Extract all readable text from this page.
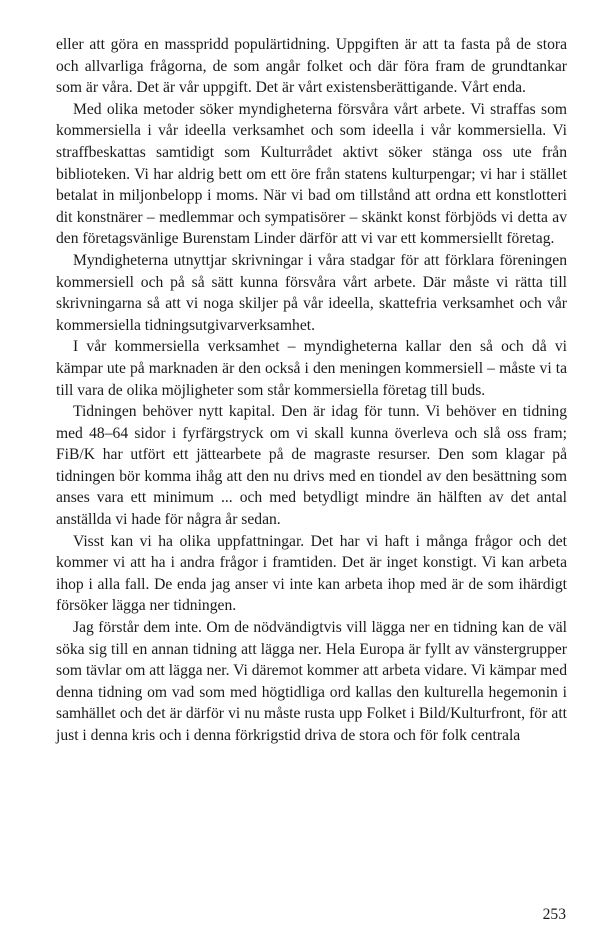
eller att göra en masspridd populärtidning. Uppgiften är att ta fasta på de stora och allvarliga frågorna, de som angår folket och där föra fram de grundtankar som är våra. Det är vår uppgift. Det är vårt existensberättigande. Vårt enda.

Med olika metoder söker myndigheterna försvåra vårt arbete. Vi straffas som kommersiella i vår ideella verksamhet och som ideella i vår kommersiella. Vi straffbeskattas samtidigt som Kulturrådet aktivt söker stänga oss ute från biblioteken. Vi har aldrig bett om ett öre från statens kulturpengar; vi har i stället betalat in miljonbelopp i moms. När vi bad om tillstånd att ordna ett konstlotteri dit konstnärer – medlemmar och sympatisörer – skänkt konst förbjöds vi detta av den företagsvänlige Burenstam Linder därför att vi var ett kommersiellt företag.

Myndigheterna utnyttjar skrivningar i våra stadgar för att förklara föreningen kommersiell och på så sätt kunna försvåra vårt arbete. Där måste vi rätta till skrivningarna så att vi noga skiljer på vår ideella, skattefria verksamhet och vår kommersiella tidningsutgivarverksamhet.

I vår kommersiella verksamhet – myndigheterna kallar den så och då vi kämpar ute på marknaden är den också i den meningen kommersiell – måste vi ta till vara de olika möjligheter som står kommersiella företag till buds.

Tidningen behöver nytt kapital. Den är idag för tunn. Vi behöver en tidning med 48–64 sidor i fyrfärgstryck om vi skall kunna överleva och slå oss fram; FiB/K har utfört ett jättearbete på de magraste resurser. Den som klagar på tidningen bör komma ihåg att den nu drivs med en tiondel av den besättning som anses vara ett minimum ... och med betydligt mindre än hälften av det antal anställda vi hade för några år sedan.

Visst kan vi ha olika uppfattningar. Det har vi haft i många frågor och det kommer vi att ha i andra frågor i framtiden. Det är inget konstigt. Vi kan arbeta ihop i alla fall. De enda jag anser vi inte kan arbeta ihop med är de som ihärdigt försöker lägga ner tidningen.

Jag förstår dem inte. Om de nödvändigtvis vill lägga ner en tidning kan de väl söka sig till en annan tidning att lägga ner. Hela Europa är fyllt av vänstergrupper som tävlar om att lägga ner. Vi däremot kommer att arbeta vidare. Vi kämpar med denna tidning om vad som med högtidliga ord kallas den kulturella hegemonin i samhället och det är därför vi nu måste rusta upp Folket i Bild/Kulturfront, för att just i denna kris och i denna förkrigstid driva de stora och för folk centrala

253
